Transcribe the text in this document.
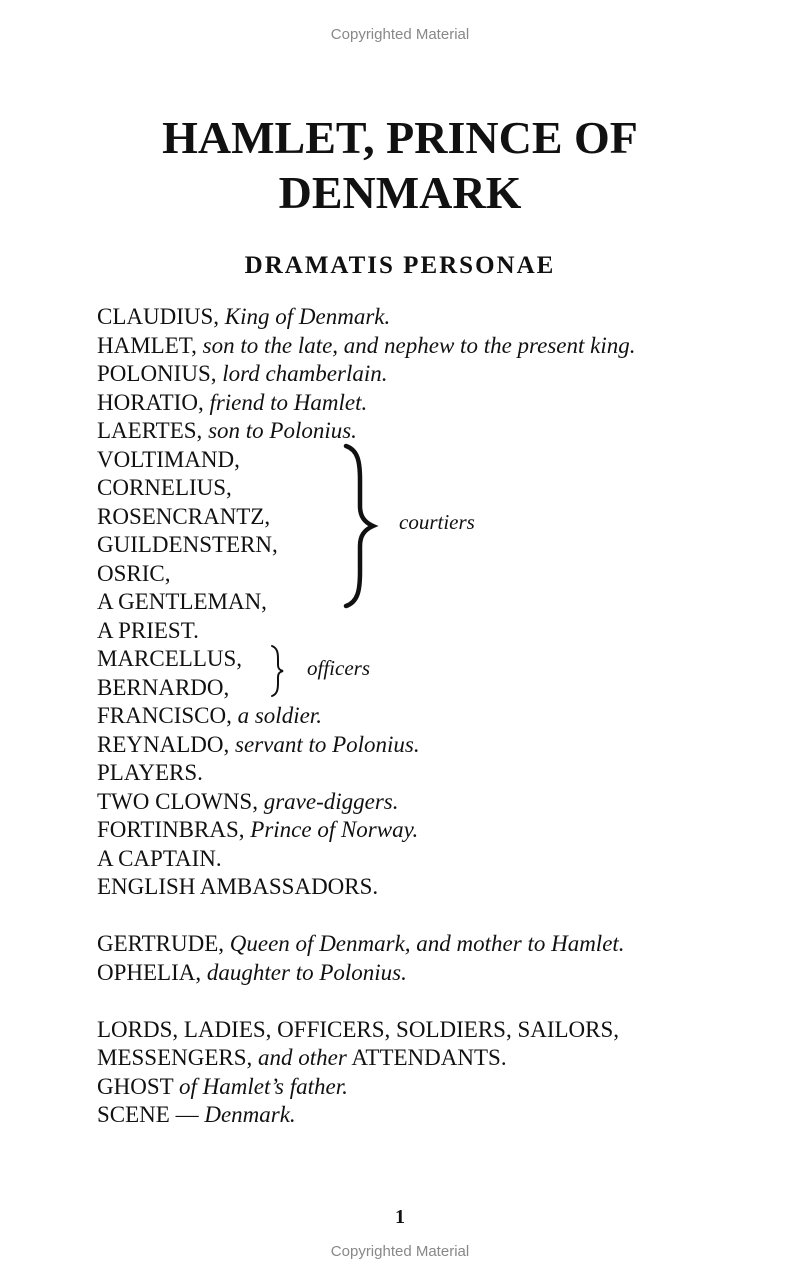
Copyrighted Material
HAMLET, PRINCE OF
DENMARK
DRAMATIS PERSONAE
CLAUDIUS, King of Denmark.
HAMLET, son to the late, and nephew to the present king.
POLONIUS, lord chamberlain.
HORATIO, friend to Hamlet.
LAERTES, son to Polonius.
VOLTIMAND,
CORNELIUS,
ROSENCRANTZ,
GUILDENSTERN,
OSRIC,
A GENTLEMAN,
A PRIEST.
MARCELLUS,
BERNARDO,
FRANCISCO, a soldier.
REYNALDO, servant to Polonius.
PLAYERS.
TWO CLOWNS, grave-diggers.
FORTINBRAS, Prince of Norway.
A CAPTAIN.
ENGLISH AMBASSADORS.
GERTRUDE, Queen of Denmark, and mother to Hamlet.
OPHELIA, daughter to Polonius.
LORDS, LADIES, OFFICERS, SOLDIERS, SAILORS,
MESSENGERS, and other ATTENDANTS.
GHOST of Hamlet’s father.
SCENE — Denmark.
courtiers
officers
1
Copyrighted Material
